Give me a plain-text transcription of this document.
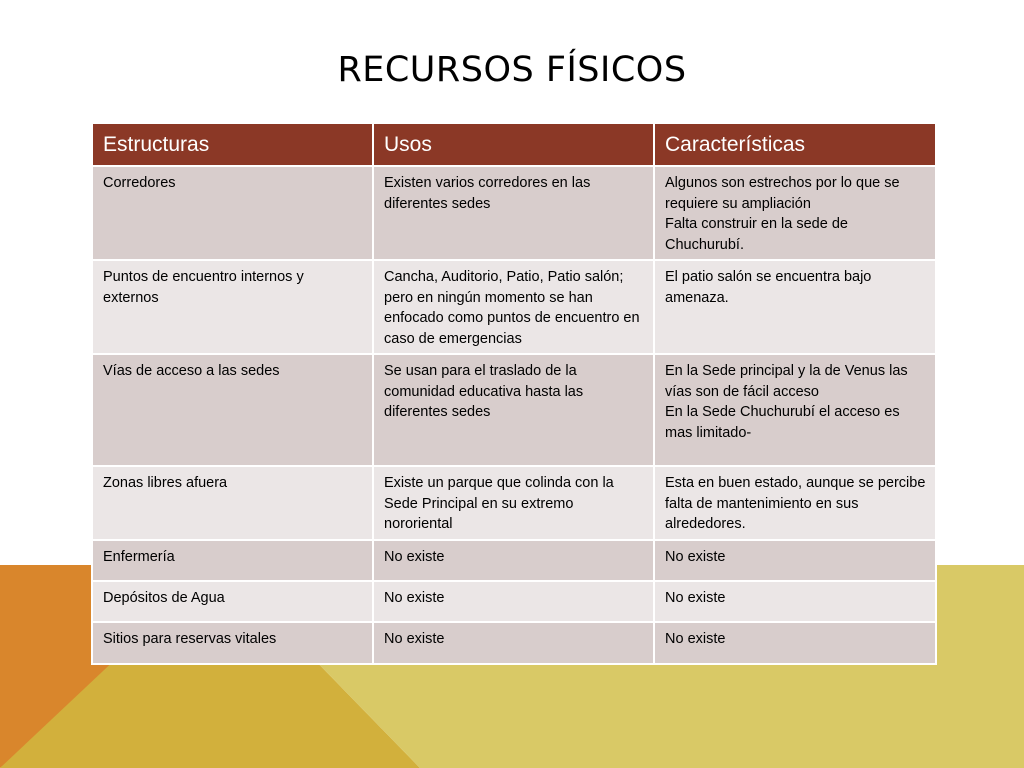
RECURSOS FÍSICOS
Estructuras	Usos	Características
Corredores	Existen varios corredores en las diferentes sedes	Algunos son estrechos por lo que se requiere su ampliación
Falta construir en la sede de Chuchurubí.

Puntos de encuentro internos y externos	Cancha, Auditorio, Patio, Patio salón; pero en ningún momento se han enfocado como puntos de encuentro en caso de emergencias	El patio salón se encuentra bajo amenaza.

Vías de acceso a las sedes	Se usan para el traslado de la comunidad educativa hasta las diferentes sedes	En la Sede principal y la de Venus las vías son de fácil acceso
En la Sede Chuchurubí el acceso es mas limitado-

Zonas libres afuera	Existe un parque que colinda con la Sede Principal en su extremo nororiental	Esta en buen estado, aunque se percibe falta de mantenimiento en sus alrededores.

Enfermería	No existe	No existe

Depósitos de Agua	No existe	No existe

Sitios para reservas vitales	No existe	No existe
